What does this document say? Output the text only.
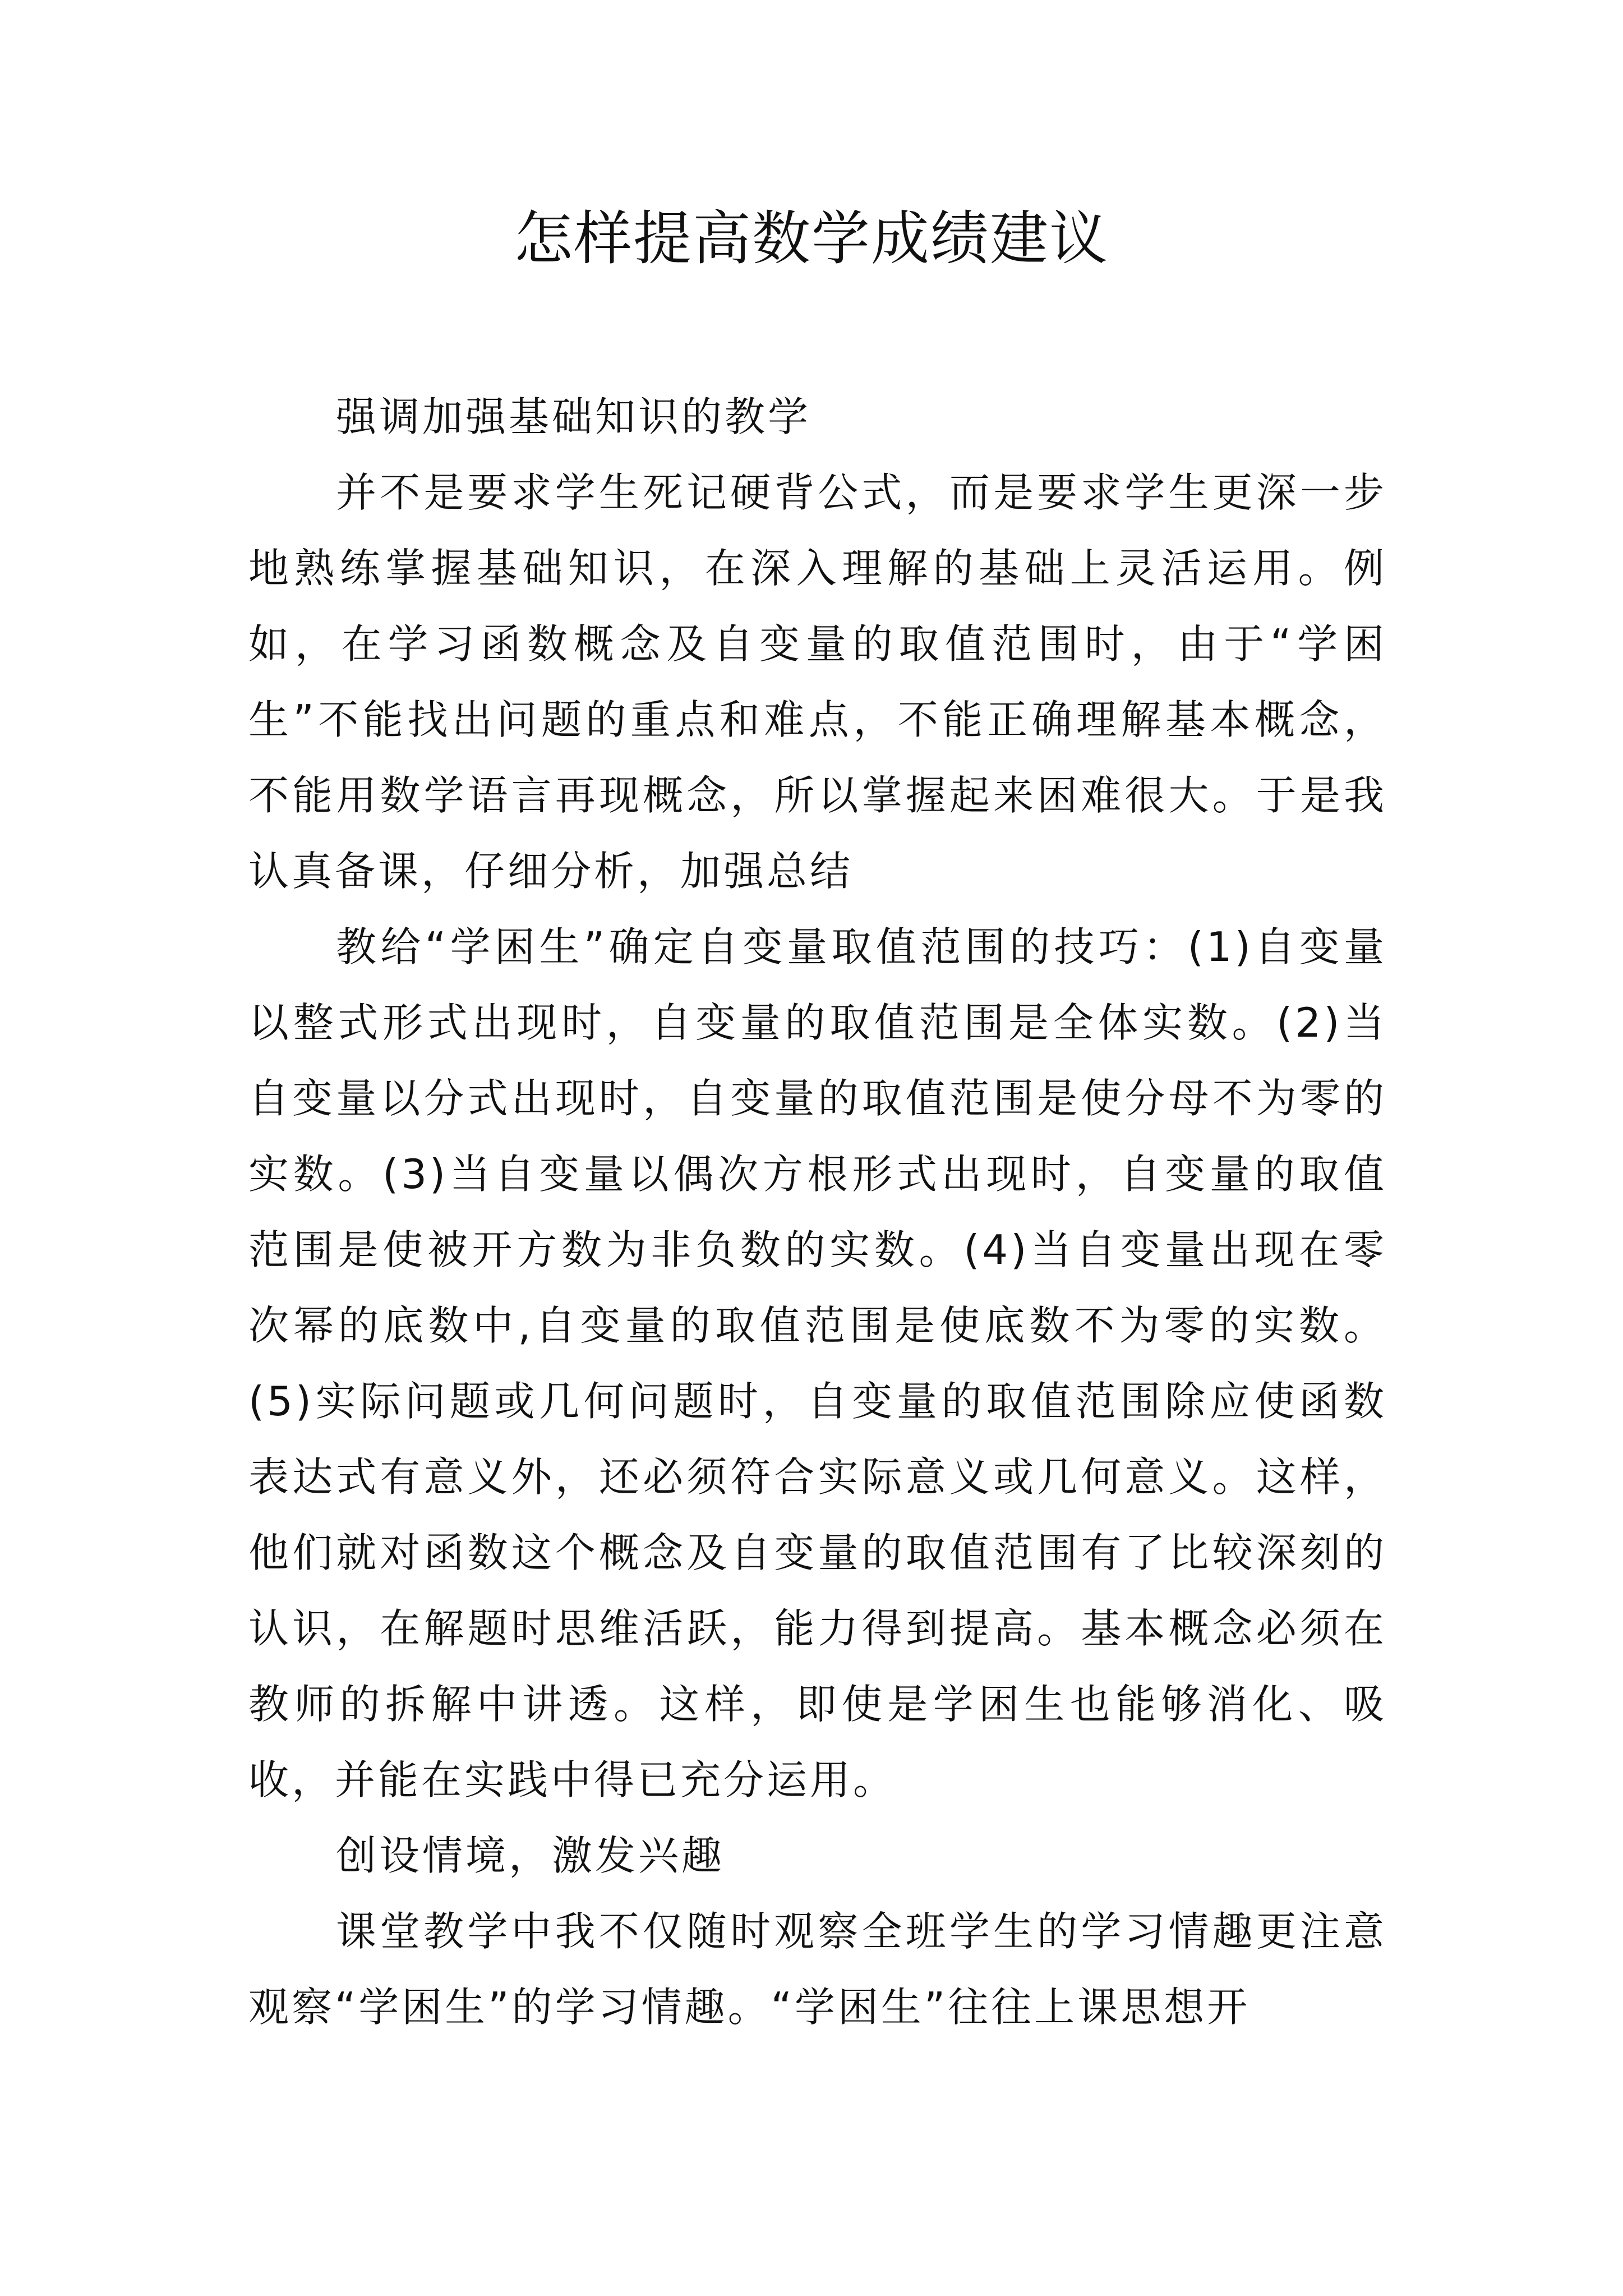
怎样提高数学成绩建议

强调加强基础知识的教学

并不是要求学生死记硬背公式，而是要求学生更深一步地熟练掌握基础知识，在深入理解的基础上灵活运用。例如，在学习函数概念及自变量的取值范围时，由于“学困生”不能找出问题的重点和难点，不能正确理解基本概念，不能用数学语言再现概念，所以掌握起来困难很大。于是我认真备课，仔细分析，加强总结

教给“学困生”确定自变量取值范围的技巧：(1)自变量以整式形式出现时，自变量的取值范围是全体实数。(2)当自变量以分式出现时，自变量的取值范围是使分母不为零的实数。(3)当自变量以偶次方根形式出现时，自变量的取值范围是使被开方数为非负数的实数。(4)当自变量出现在零次幂的底数中,自变量的取值范围是使底数不为零的实数。(5)实际问题或几何问题时，自变量的取值范围除应使函数表达式有意义外，还必须符合实际意义或几何意义。这样，他们就对函数这个概念及自变量的取值范围有了比较深刻的认识，在解题时思维活跃，能力得到提高。基本概念必须在教师的拆解中讲透。这样，即使是学困生也能够消化、吸收，并能在实践中得已充分运用。

创设情境，激发兴趣

课堂教学中我不仅随时观察全班学生的学习情趣更注意观察“学困生”的学习情趣。“学困生”往往上课思想开
